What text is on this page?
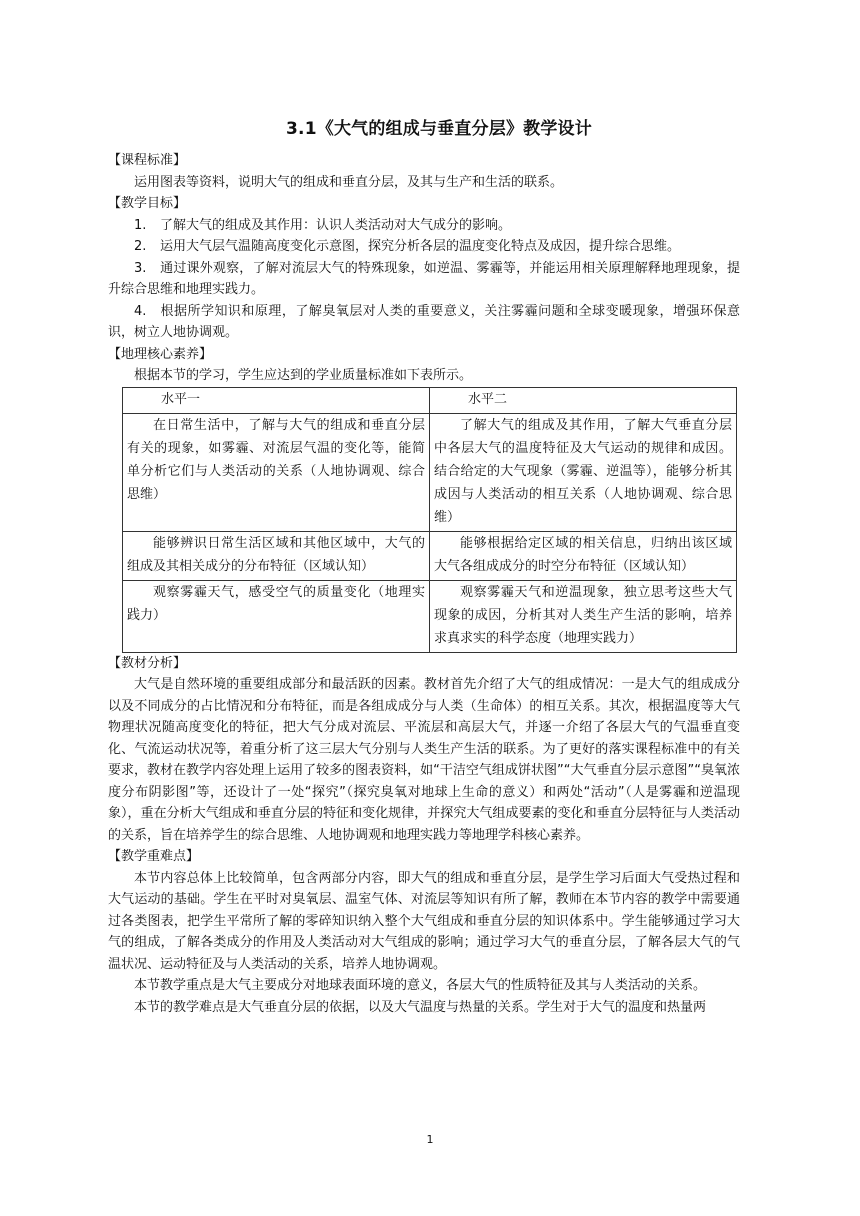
3.1《大气的组成与垂直分层》教学设计

【课程标准】

运用图表等资料，说明大气的组成和垂直分层，及其与生产和生活的联系。

【教学目标】

1. 了解大气的组成及其作用：认识人类活动对大气成分的影响。

2. 运用大气层气温随高度变化示意图，探究分析各层的温度变化特点及成因，提升综合思维。

3. 通过课外观察，了解对流层大气的特殊现象，如逆温、雾霾等，并能运用相关原理解释地理现象，提升综合思维和地理实践力。

4. 根据所学知识和原理，了解臭氧层对人类的重要意义，关注雾霾问题和全球变暖现象，增强环保意识，树立人地协调观。

【地理核心素养】

根据本节的学习，学生应达到的学业质量标准如下表所示。

水平一	水平二
在日常生活中，了解与大气的组成和垂直分层有关的现象，如雾霾、对流层气温的变化等，能简单分析它们与人类活动的关系（人地协调观、综合思维）	了解大气的组成及其作用，了解大气垂直分层中各层大气的温度特征及大气运动的规律和成因。结合给定的大气现象（雾霾、逆温等），能够分析其成因与人类活动的相互关系（人地协调观、综合思维）
能够辨识日常生活区域和其他区域中，大气的组成及其相关成分的分布特征（区域认知）	能够根据给定区域的相关信息，归纳出该区域大气各组成成分的时空分布特征（区域认知）
观察雾霾天气，感受空气的质量变化（地理实践力）	观察雾霾天气和逆温现象，独立思考这些大气现象的成因，分析其对人类生产生活的影响，培养求真求实的科学态度（地理实践力）

【教材分析】

大气是自然环境的重要组成部分和最活跃的因素。教材首先介绍了大气的组成情况：一是大气的组成成分以及不同成分的占比情况和分布特征，而是各组成成分与人类（生命体）的相互关系。其次，根据温度等大气物理状况随高度变化的特征，把大气分成对流层、平流层和高层大气，并逐一介绍了各层大气的气温垂直变化、气流运动状况等，着重分析了这三层大气分别与人类生产生活的联系。为了更好的落实课程标准中的有关要求，教材在教学内容处理上运用了较多的图表资料，如“干洁空气组成饼状图”“大气垂直分层示意图”“臭氧浓度分布阴影图”等，还设计了一处“探究”（探究臭氧对地球上生命的意义）和两处“活动”（人是雾霾和逆温现象），重在分析大气组成和垂直分层的特征和变化规律，并探究大气组成要素的变化和垂直分层特征与人类活动的关系，旨在培养学生的综合思维、人地协调观和地理实践力等地理学科核心素养。

【教学重难点】

本节内容总体上比较简单，包含两部分内容，即大气的组成和垂直分层，是学生学习后面大气受热过程和大气运动的基础。学生在平时对臭氧层、温室气体、对流层等知识有所了解，教师在本节内容的教学中需要通过各类图表，把学生平常所了解的零碎知识纳入整个大气组成和垂直分层的知识体系中。学生能够通过学习大气的组成，了解各类成分的作用及人类活动对大气组成的影响；通过学习大气的垂直分层，了解各层大气的气温状况、运动特征及与人类活动的关系，培养人地协调观。

本节教学重点是大气主要成分对地球表面环境的意义，各层大气的性质特征及其与人类活动的关系。

本节的教学难点是大气垂直分层的依据，以及大气温度与热量的关系。学生对于大气的温度和热量两

1
